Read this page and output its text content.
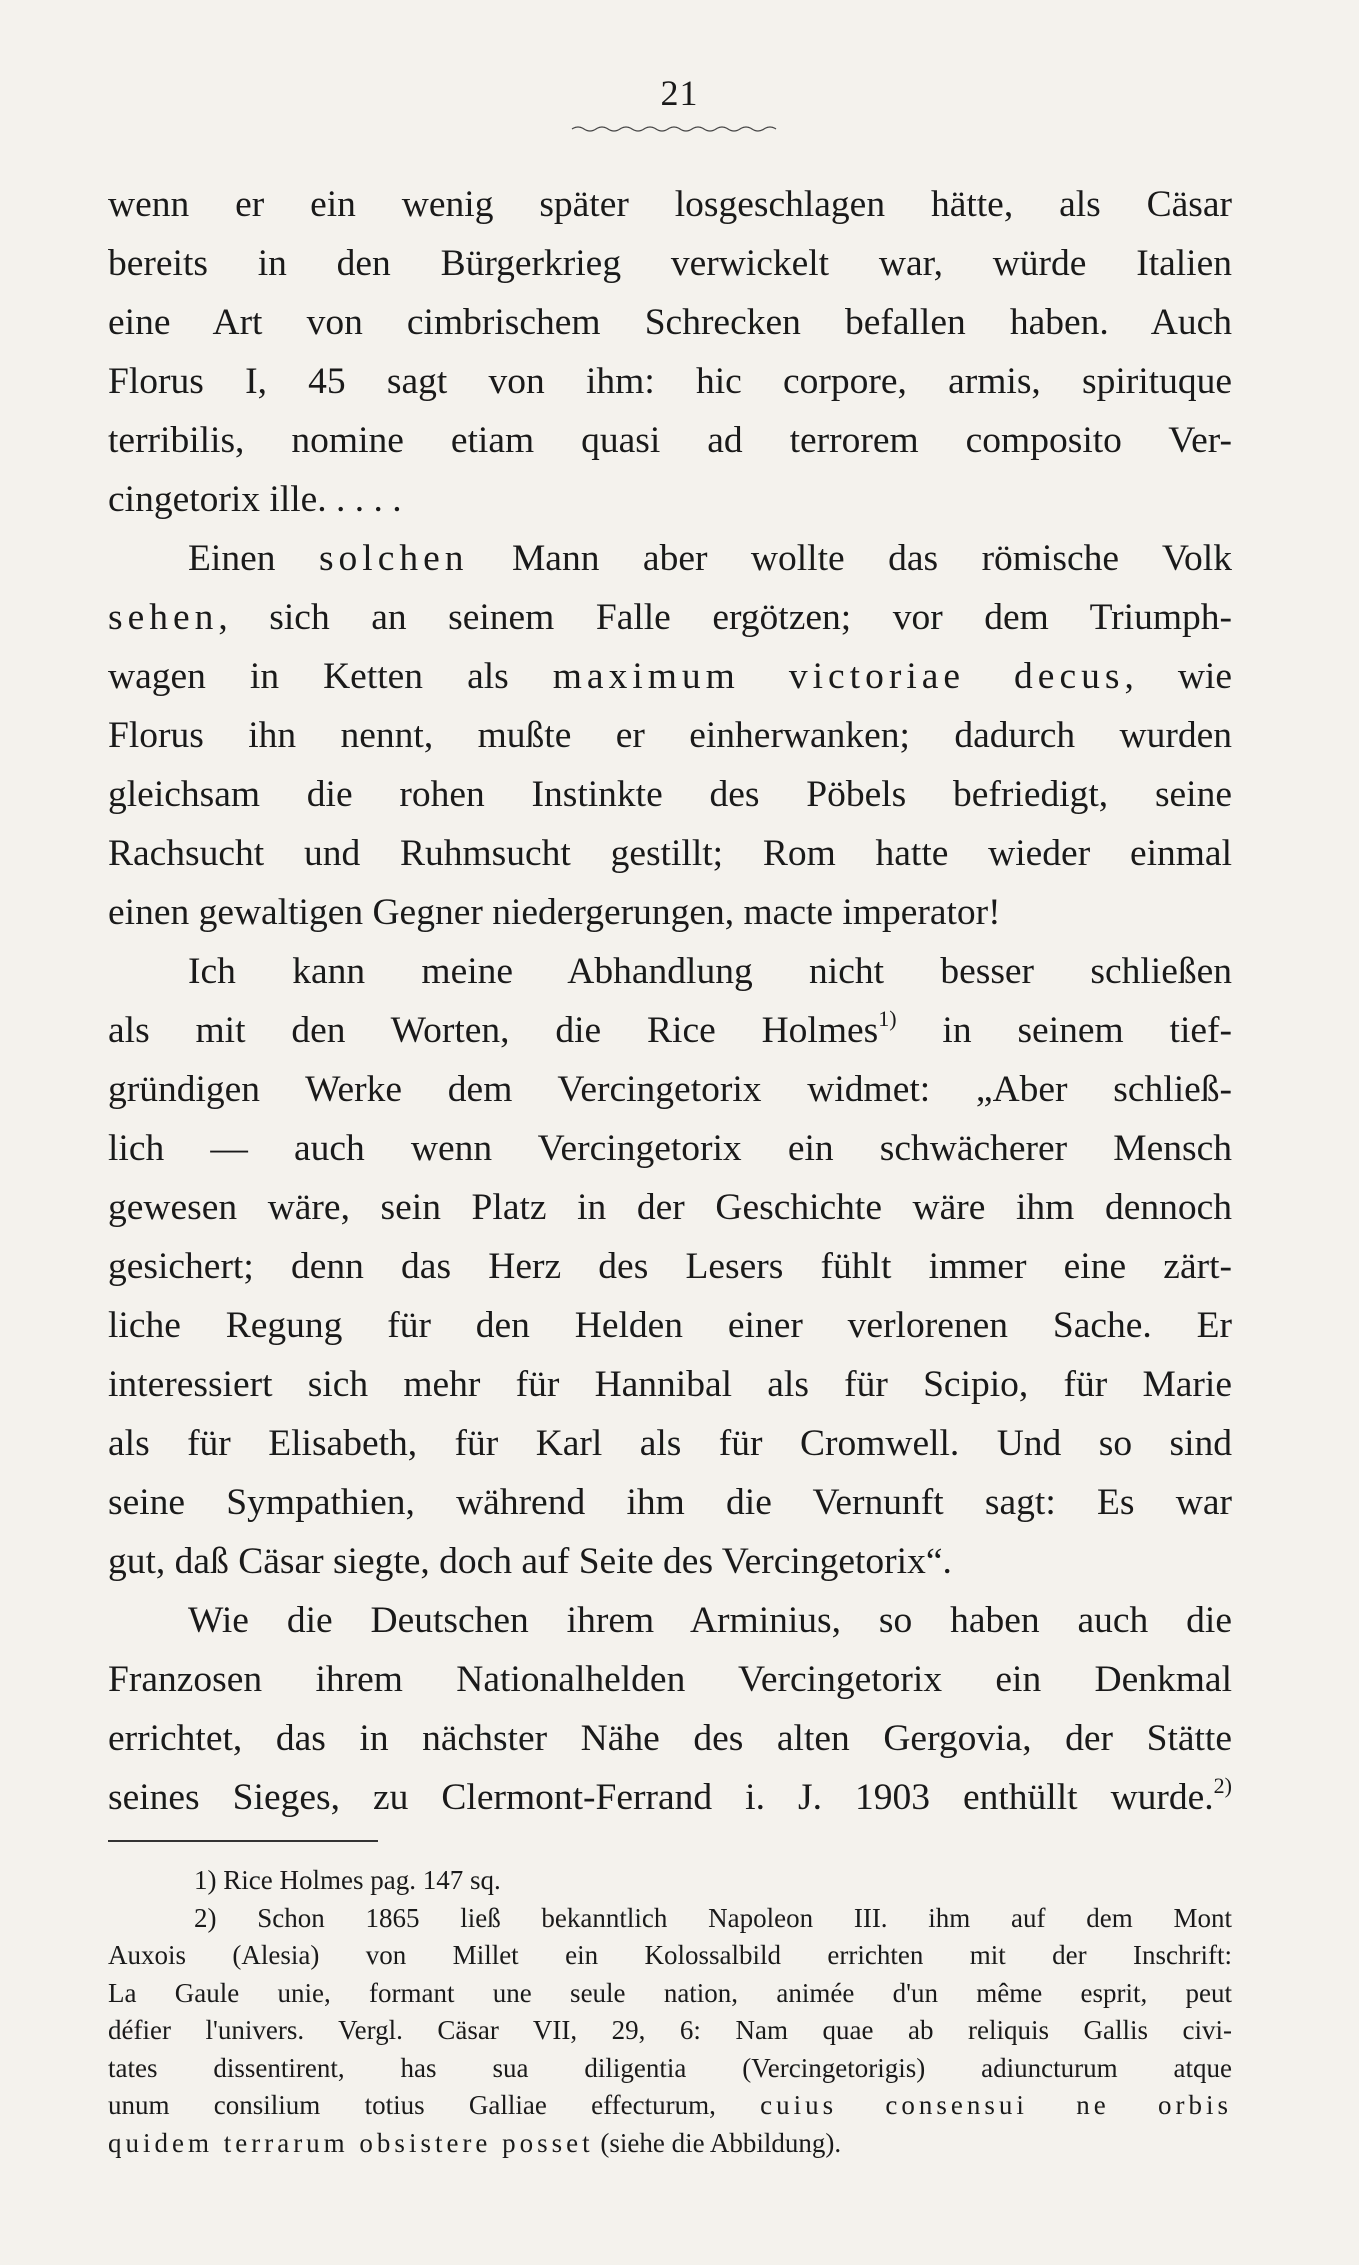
21
wenn er ein wenig später losgeschlagen hätte, als Cäsar
bereits in den Bürgerkrieg verwickelt war, würde Italien
eine Art von cimbrischem Schrecken befallen haben. Auch
Florus I, 45 sagt von ihm: hic corpore, armis, spirituque
terribilis, nomine etiam quasi ad terrorem composito Ver-
cingetorix ille. . . . .
Einen solchen Mann aber wollte das römische Volk
sehen, sich an seinem Falle ergötzen; vor dem Triumph-
wagen in Ketten als maximum victoriae decus, wie
Florus ihn nennt, mußte er einherwanken; dadurch wurden
gleichsam die rohen Instinkte des Pöbels befriedigt, seine
Rachsucht und Ruhmsucht gestillt; Rom hatte wieder einmal
einen gewaltigen Gegner niedergerungen, macte imperator!
Ich kann meine Abhandlung nicht besser schließen
als mit den Worten, die Rice Holmes$^{1)}$ in seinem tief-
gründigen Werke dem Vercingetorix widmet: „Aber schließ-
lich — auch wenn Vercingetorix ein schwächerer Mensch
gewesen wäre, sein Platz in der Geschichte wäre ihm dennoch
gesichert; denn das Herz des Lesers fühlt immer eine zärt-
liche Regung für den Helden einer verlorenen Sache. Er
interessiert sich mehr für Hannibal als für Scipio, für Marie
als für Elisabeth, für Karl als für Cromwell. Und so sind
seine Sympathien, während ihm die Vernunft sagt: Es war
gut, daß Cäsar siegte, doch auf Seite des Vercingetorix“.
Wie die Deutschen ihrem Arminius, so haben auch die
Franzosen ihrem Nationalhelden Vercingetorix ein Denkmal
errichtet, das in nächster Nähe des alten Gergovia, der Stätte
seines Sieges, zu Clermont-Ferrand i. J. 1903 enthüllt wurde.$^{2)}$
1) Rice Holmes pag. 147 sq.
2) Schon 1865 ließ bekanntlich Napoleon III. ihm auf dem Mont
Auxois (Alesia) von Millet ein Kolossalbild errichten mit der Inschrift:
La Gaule unie, formant une seule nation, animée d'un même esprit, peut
défier l'univers. Vergl. Cäsar VII, 29, 6: Nam quae ab reliquis Gallis civi-
tates dissentirent, has sua diligentia (Vercingetorigis) adiuncturum atque
unum consilium totius Galliae effecturum, cuius consensui ne orbis
quidem terrarum obsistere posset (siehe die Abbildung).
